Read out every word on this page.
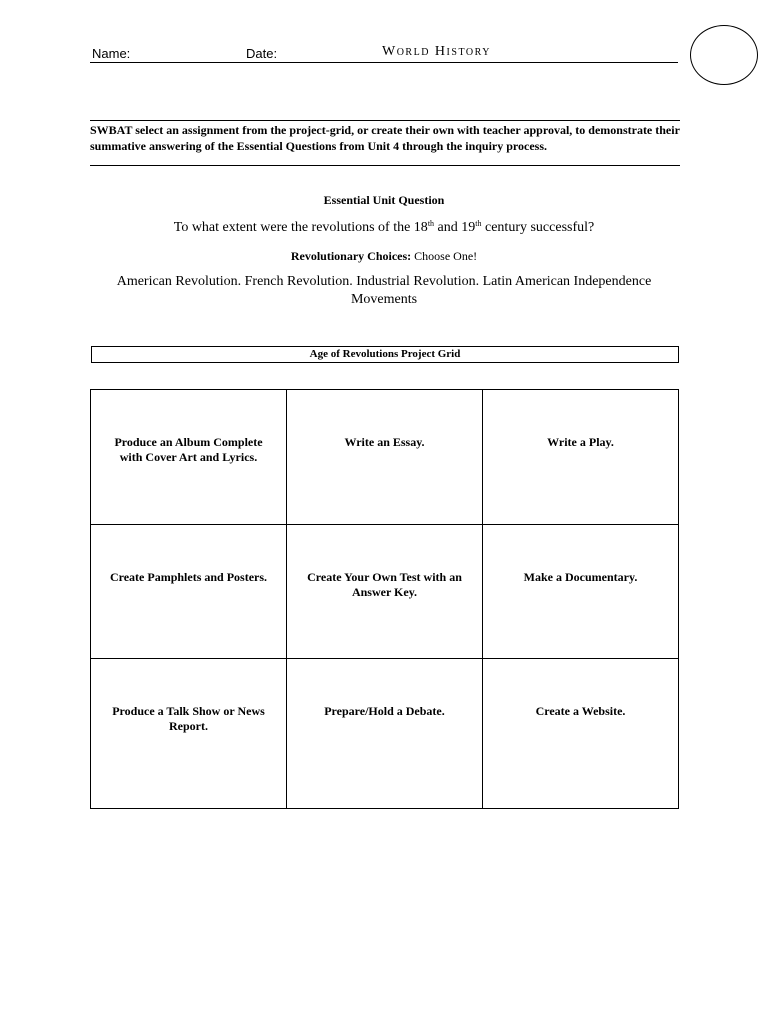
Name:	Date:	World History
SWBAT select an assignment from the project-grid, or create their own with teacher approval, to demonstrate their summative answering of the Essential Questions from Unit 4 through the inquiry process.
Essential Unit Question
To what extent were the revolutions of the 18th and 19th century successful?
Revolutionary Choices: Choose One!
American Revolution. French Revolution. Industrial Revolution. Latin American Independence Movements
Age of Revolutions Project Grid
Produce an Album Complete with Cover Art and Lyrics.	Write an Essay.	Write a Play.
Create Pamphlets and Posters.	Create Your Own Test with an Answer Key.	Make a Documentary.
Produce a Talk Show or News Report.	Prepare/Hold a Debate.	Create a Website.
